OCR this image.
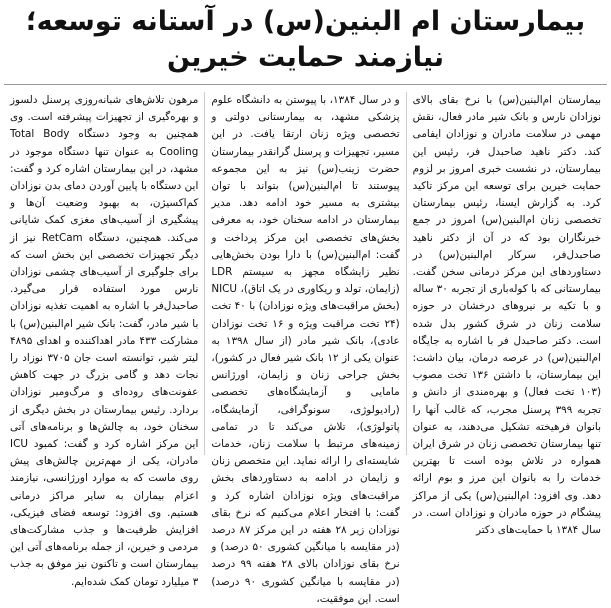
بیمارستان ام البنین(س) در آستانه توسعه؛
نیازمند حمایت خیرین
بیمارستان ام‌البنین(س) با نرخ بقای بالای نوزادان نارس و بانک شیر مادر فعال، نقش مهمی در سلامت مادران و نوزادان ایفامی کند. دکتر ناهید صاحبدل فر، رئیس این بیمارستان، در نشست خبری امروز بر لزوم حمایت خیرین برای توسعه این مرکز تاکید کرد. به گزارش ایسنا، رئیس بیمارستان تخصصی زنان ام‌البنین(س) امروز در جمع خبرنگاران بود که در آن از دکتر ناهید صاحبدل‌فر، سرکار ام‌البنین(س) در دستاوردهای این مرکز درمانی سخن گفت. بیمارستانی که با کوله‌باری از تجربه ۳۰ ساله و با تکیه بر نیروهای درخشان در حوزه سلامت زنان در شرق کشور بدل شده است. دکتر صاحبدل فر با اشاره به جایگاه ام‌البنین(س) در عرصه درمان، بیان داشت: این بیمارستان، با داشتن ۱۳۶ تخت مصوب (۱۰۳ تخت فعال) و بهره‌مندی از دانش و تجربه ۳۹۹ پرسنل مجرب، که غالب آنها را بانوان فرهیخته تشکیل می‌دهند، به عنوان تنها بیمارستان تخصصی زنان در شرق ایران همواره در تلاش بوده است تا بهترین خدمات را به بانوان این مرز و بوم ارائه دهد. وی افزود: ام‌البنین(س) یکی از مراکز پیشگام در حوزه مادران و نوزادان است. در سال ۱۳۸۴ با حمایت‌های دکتر
و در سال ۱۳۸۴، با پیوستن به دانشگاه علوم پزشکی مشهد، به بیمارستانی دولتی و تخصصی ویژه زنان ارتقا یافت. در این مسیر، تجهیزات و پرسنل گرانقدر بیمارستان حضرت زینب(س) نیز به این مجموعه پیوستند تا ام‌البنین(س) بتواند با توان بیشتری به مسیر خود ادامه دهد. مدیر بیمارستان در ادامه سخنان خود، به معرفی بخش‌های تخصصی این مرکز پرداخت و گفت: ام‌البنین(س) با دارا بودن بخش‌هایی نظیر زایشگاه مجهز به سیستم LDR (زایمان، تولد و ریکاوری در یک اتاق)، NICU (بخش مراقبت‌های ویژه نوزادان) با ۴۰ تخت (۲۴ تخت مراقبت ویژه و ۱۶ تخت نوزادان عادی)، بانک شیر مادر (از سال ۱۳۹۸ به عنوان یکی از ۱۲ بانک شیر فعال در کشور)، بخش جراحی زنان و زایمان، اورژانس مامایی و آزمایشگاه‌های تخصصی (رادیولوژی، سونوگرافی، آزمایشگاه، پاتولوژی)، تلاش می‌کند تا در تمامی زمینه‌های مرتبط با سلامت زنان، خدمات شایسته‌ای را ارائه نماید. این متخصص زنان و زایمان در ادامه به دستاوردهای بخش مراقبت‌های ویژه نوزادان اشاره کرد و گفت: با افتخار اعلام می‌کنیم که نرخ بقای نوزادان زیر ۲۸ هفته در این مرکز ۸۷ درصد (در مقایسه با میانگین کشوری ۵۰ درصد) و نرخ بقای نوزادان بالای ۲۸ هفته ۹۹ درصد (در مقایسه با میانگین کشوری ۹۰ درصد) است. این موفقیت،
مرهون تلاش‌های شبانه‌روزی پرسنل دلسوز و بهره‌گیری از تجهیزات پیشرفته است. وی همچنین به وجود دستگاه Total Body Cooling به عنوان تنها دستگاه موجود در مشهد، در این بیمارستان اشاره کرد و گفت: این دستگاه با پایین آوردن دمای بدن نوزادان کم‌اکسیژن، به بهبود وضعیت آن‌ها و پیشگیری از آسیب‌های مغزی کمک شایانی می‌کند. همچنین، دستگاه RetCam نیز از دیگر تجهیزات تخصصی این بخش است که برای جلوگیری از آسیب‌های چشمی نوزادان نارس مورد استفاده قرار می‌گیرد. صاحبدل‌فر با اشاره به اهمیت تغذیه نوزادان با شیر مادر، گفت: بانک شیر ام‌البنین(س) با مشارکت ۴۳۳ مادر اهداکننده و اهدای ۴۸۹۵ لیتر شیر، توانسته است جان ۳۷۰۵ نوزاد را نجات دهد و گامی بزرگ در جهت کاهش عفونت‌های روده‌ای و مرگ‌ومیر نوزادان بردارد. رئیس بیمارستان در بخش دیگری از سخنان خود، به چالش‌ها و برنامه‌های آتی این مرکز اشاره کرد و گفت: کمبود ICU مادران، یکی از مهم‌ترین چالش‌های پیش روی ماست که به موارد اورژانسی، نیازمند اعزام بیماران به سایر مراکز درمانی هستیم. وی افزود: توسعه فضای فیزیکی، افزایش ظرفیت‌ها و جذب مشارکت‌های مردمی و خیرین، از جمله برنامه‌های آتی این بیمارستان است و تاکنون نیز موفق به جذب ۳ میلیارد تومان کمک شده‌ایم.
